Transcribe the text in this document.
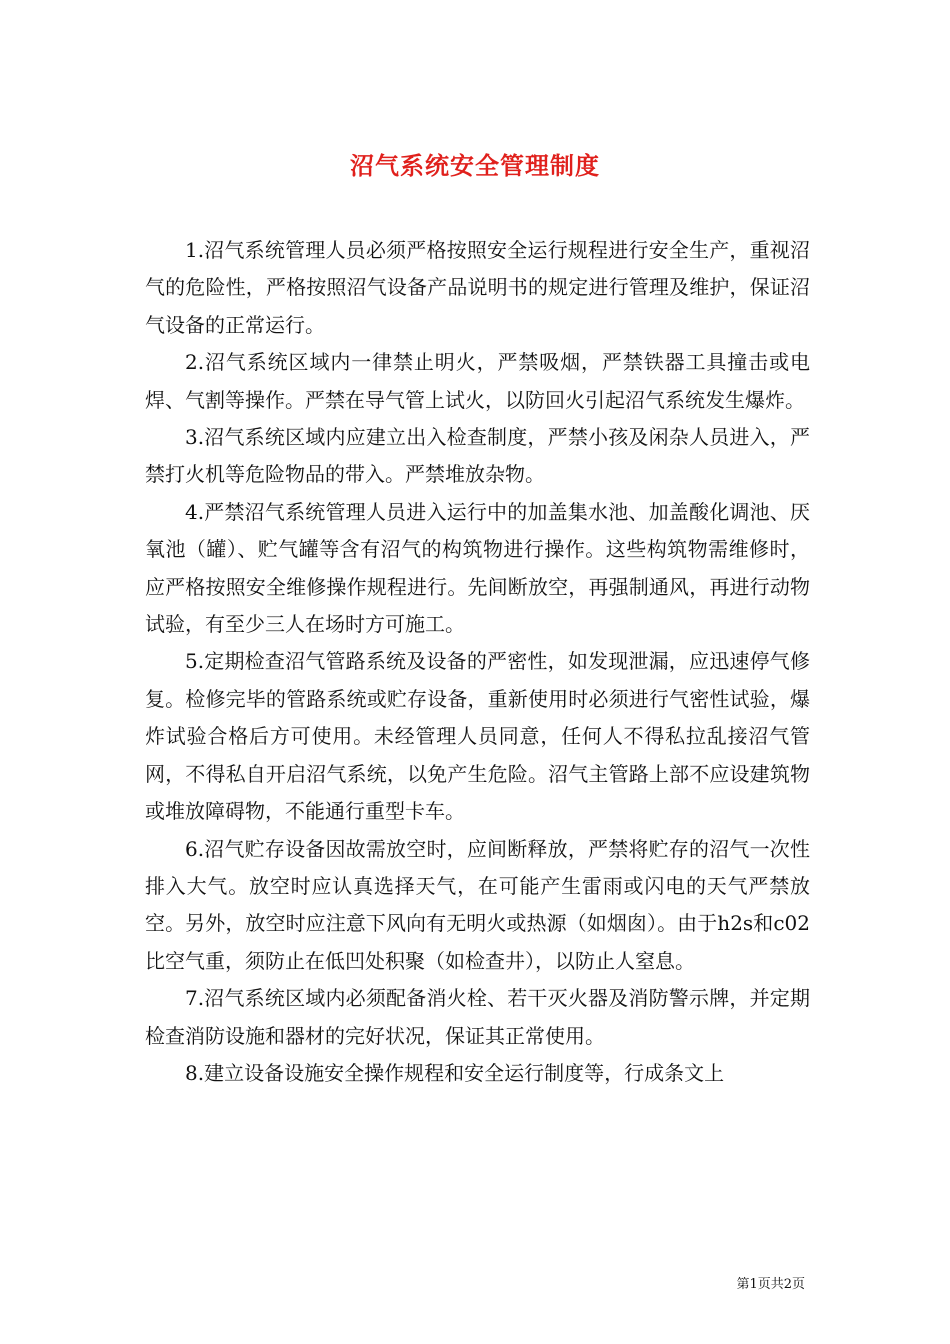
沼气系统安全管理制度

1.沼气系统管理人员必须严格按照安全运行规程进行安全生产，重视沼气的危险性，严格按照沼气设备产品说明书的规定进行管理及维护，保证沼气设备的正常运行。

2.沼气系统区域内一律禁止明火，严禁吸烟，严禁铁器工具撞击或电焊、气割等操作。严禁在导气管上试火，以防回火引起沼气系统发生爆炸。

3.沼气系统区域内应建立出入检查制度，严禁小孩及闲杂人员进入，严禁打火机等危险物品的带入。严禁堆放杂物。

4.严禁沼气系统管理人员进入运行中的加盖集水池、加盖酸化调池、厌氧池（罐）、贮气罐等含有沼气的构筑物进行操作。这些构筑物需维修时，应严格按照安全维修操作规程进行。先间断放空，再强制通风，再进行动物试验，有至少三人在场时方可施工。

5.定期检查沼气管路系统及设备的严密性，如发现泄漏，应迅速停气修复。检修完毕的管路系统或贮存设备，重新使用时必须进行气密性试验，爆炸试验合格后方可使用。未经管理人员同意，任何人不得私拉乱接沼气管网，不得私自开启沼气系统，以免产生危险。沼气主管路上部不应设建筑物或堆放障碍物，不能通行重型卡车。

6.沼气贮存设备因故需放空时，应间断释放，严禁将贮存的沼气一次性排入大气。放空时应认真选择天气，在可能产生雷雨或闪电的天气严禁放空。另外，放空时应注意下风向有无明火或热源（如烟囱）。由于h2s和c02比空气重，须防止在低凹处积聚（如检查井），以防止人窒息。

7.沼气系统区域内必须配备消火栓、若干灭火器及消防警示牌，并定期检查消防设施和器材的完好状况，保证其正常使用。

8.建立设备设施安全操作规程和安全运行制度等，行成条文上

第1页共2页
